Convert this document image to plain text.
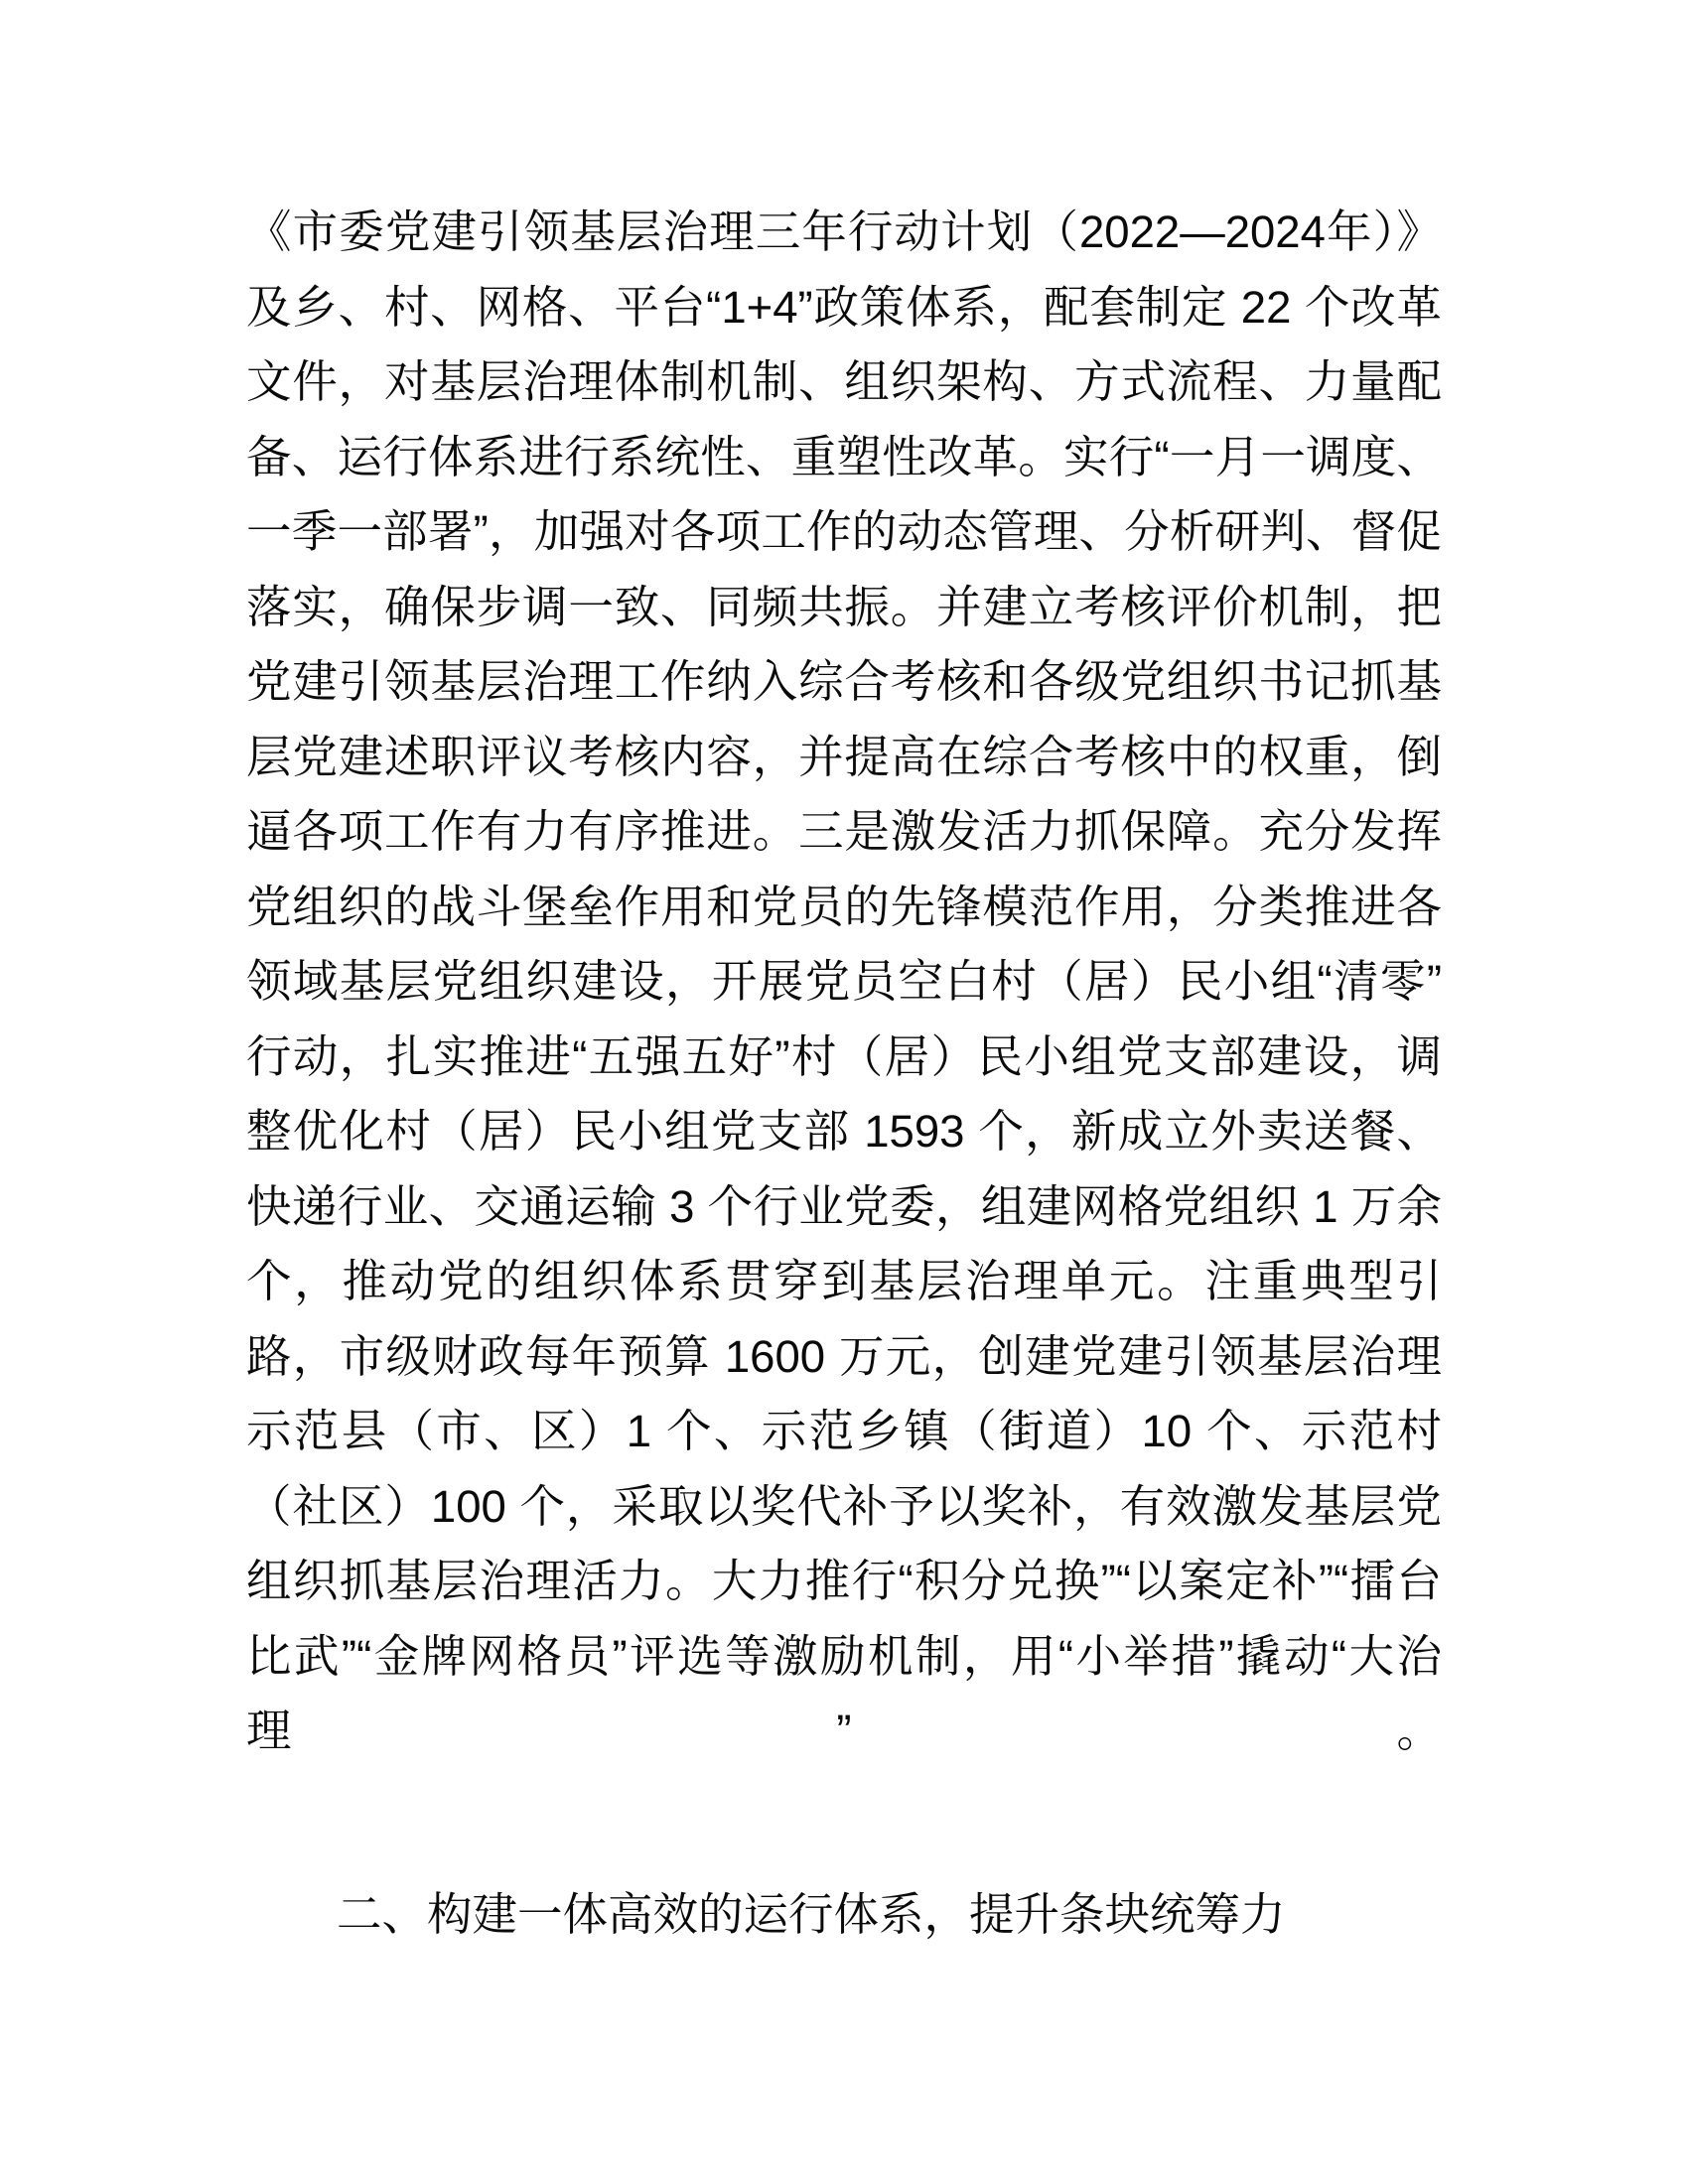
《市委党建引领基层治理三年行动计划（2022—2024年）》及乡、村、网格、平台“1+4”政策体系，配套制定 22 个改革文件，对基层治理体制机制、组织架构、方式流程、力量配备、运行体系进行系统性、重塑性改革。实行“一月一调度、一季一部署”，加强对各项工作的动态管理、分析研判、督促落实，确保步调一致、同频共振。并建立考核评价机制，把党建引领基层治理工作纳入综合考核和各级党组织书记抓基层党建述职评议考核内容，并提高在综合考核中的权重，倒逼各项工作有力有序推进。三是激发活力抓保障。充分发挥党组织的战斗堡垒作用和党员的先锋模范作用，分类推进各领域基层党组织建设，开展党员空白村（居）民小组“清零”行动，扎实推进“五强五好”村（居）民小组党支部建设，调整优化村（居）民小组党支部 1593 个，新成立外卖送餐、快递行业、交通运输 3 个行业党委，组建网格党组织 1 万余个，推动党的组织体系贯穿到基层治理单元。注重典型引路，市级财政每年预算 1600 万元，创建党建引领基层治理示范县（市、区）1 个、示范乡镇（街道）10 个、示范村（社区）100 个，采取以奖代补予以奖补，有效激发基层党组织抓基层治理活力。大力推行“积分兑换”“以案定补”“擂台比武”“金牌网格员”评选等激励机制，用“小举措”撬动“大治理”。

二、构建一体高效的运行体系，提升条块统筹力
